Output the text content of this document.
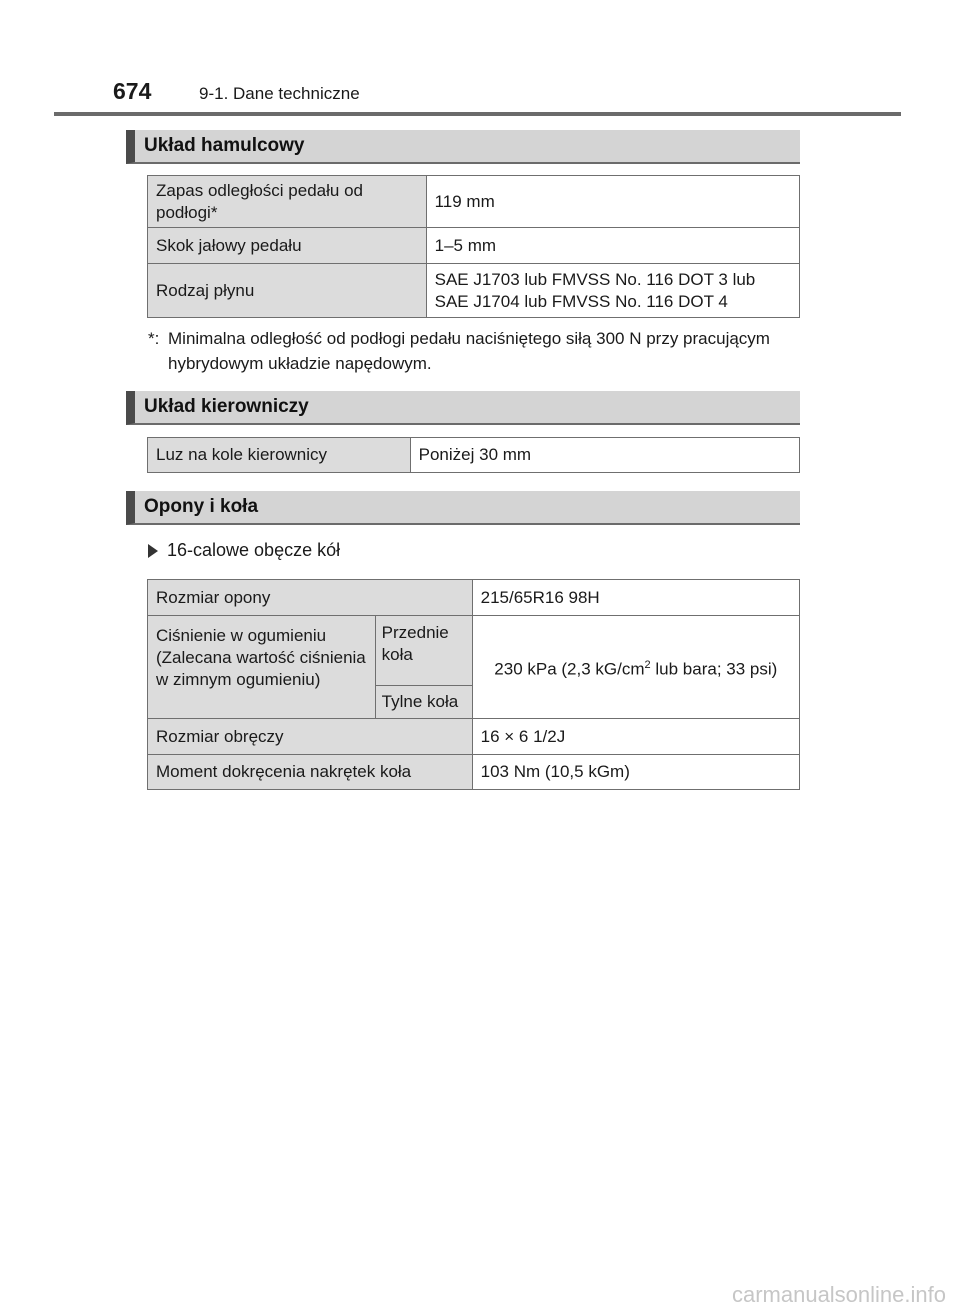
674	9-1. Dane techniczne
Układ hamulcowy
Zapas odległości pedału od podłogi*	119 mm
Skok jałowy pedału	1–5 mm
Rodzaj płynu	SAE J1703 lub FMVSS No. 116 DOT 3 lub
SAE J1704 lub FMVSS No. 116 DOT 4
*: Minimalna odległość od podłogi pedału naciśniętego siłą 300 N przy pracującym hybrydowym układzie napędowym.
Układ kierowniczy
Luz na kole kierownicy	Poniżej 30 mm
Opony i koła
16-calowe obęcze kół
Rozmiar opony		215/65R16 98H
Ciśnienie w ogumieniu (Zalecana wartość ciśnienia w zimnym ogumieniu)	Przednie koła	230 kPa (2,3 $kG/cm^2$ lub bara; 33 psi)
	Tylne koła	
Rozmiar obręczy		16 × 6 1/2J
Moment dokręcenia nakrętek koła		103 Nm (10,5 kGm)
carmanualsonline.info
